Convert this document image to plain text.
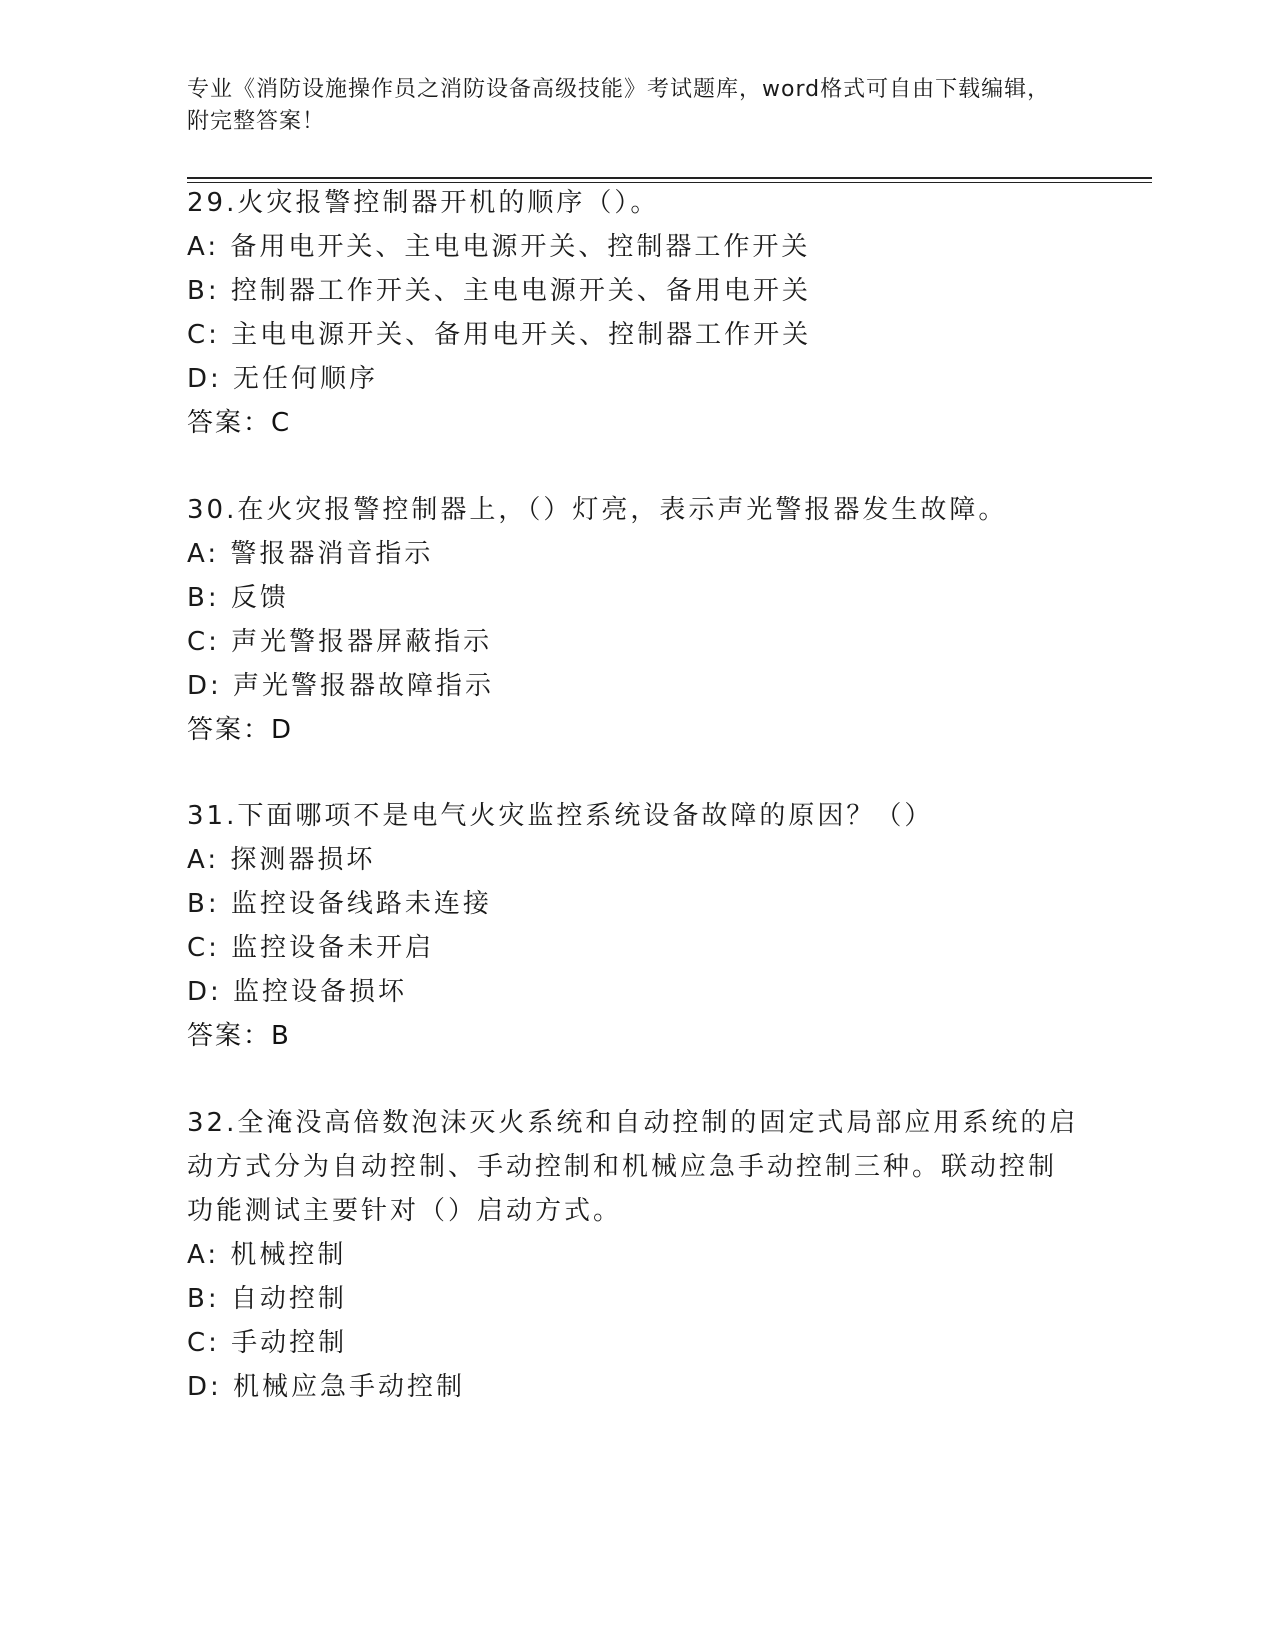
专业《消防设施操作员之消防设备高级技能》考试题库，word格式可自由下载编辑，附完整答案！
29.火灾报警控制器开机的顺序（）。
A: 备用电开关、主电电源开关、控制器工作开关
B: 控制器工作开关、主电电源开关、备用电开关
C: 主电电源开关、备用电开关、控制器工作开关
D: 无任何顺序
答案：C
30.在火灾报警控制器上，（）灯亮，表示声光警报器发生故障。
A: 警报器消音指示
B: 反馈
C: 声光警报器屏蔽指示
D: 声光警报器故障指示
答案：D
31.下面哪项不是电气火灾监控系统设备故障的原因？（）
A: 探测器损坏
B: 监控设备线路未连接
C: 监控设备未开启
D: 监控设备损坏
答案：B
32.全淹没高倍数泡沫灭火系统和自动控制的固定式局部应用系统的启
动方式分为自动控制、手动控制和机械应急手动控制三种。联动控制
功能测试主要针对（）启动方式。
A: 机械控制
B: 自动控制
C: 手动控制
D: 机械应急手动控制
